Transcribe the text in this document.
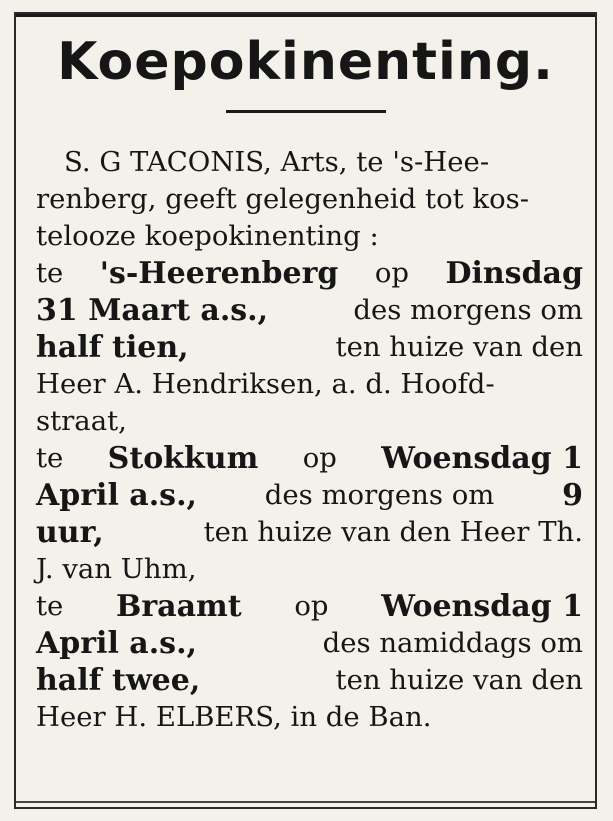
Koepokinenting.
S. G TACONIS, Arts, te 's-Hee-
renberg, geeft gelegenheid tot kos-
telooze koepokinenting :
te 's-Heerenberg op Dinsdag
31 Maart a.s.,	des morgens om
half tien,	ten huize van den
Heer A. Hendriksen, a. d. Hoofd-
straat,
te Stokkum op Woensdag 1
April a.s., des morgens om 9
uur,	ten huize van den Heer Th.
J. van Uhm,
te Braamt op Woensdag 1
April a.s.,	des namiddags om
half twee,	ten huize van den
Heer H. ELBERS, in de Ban.
